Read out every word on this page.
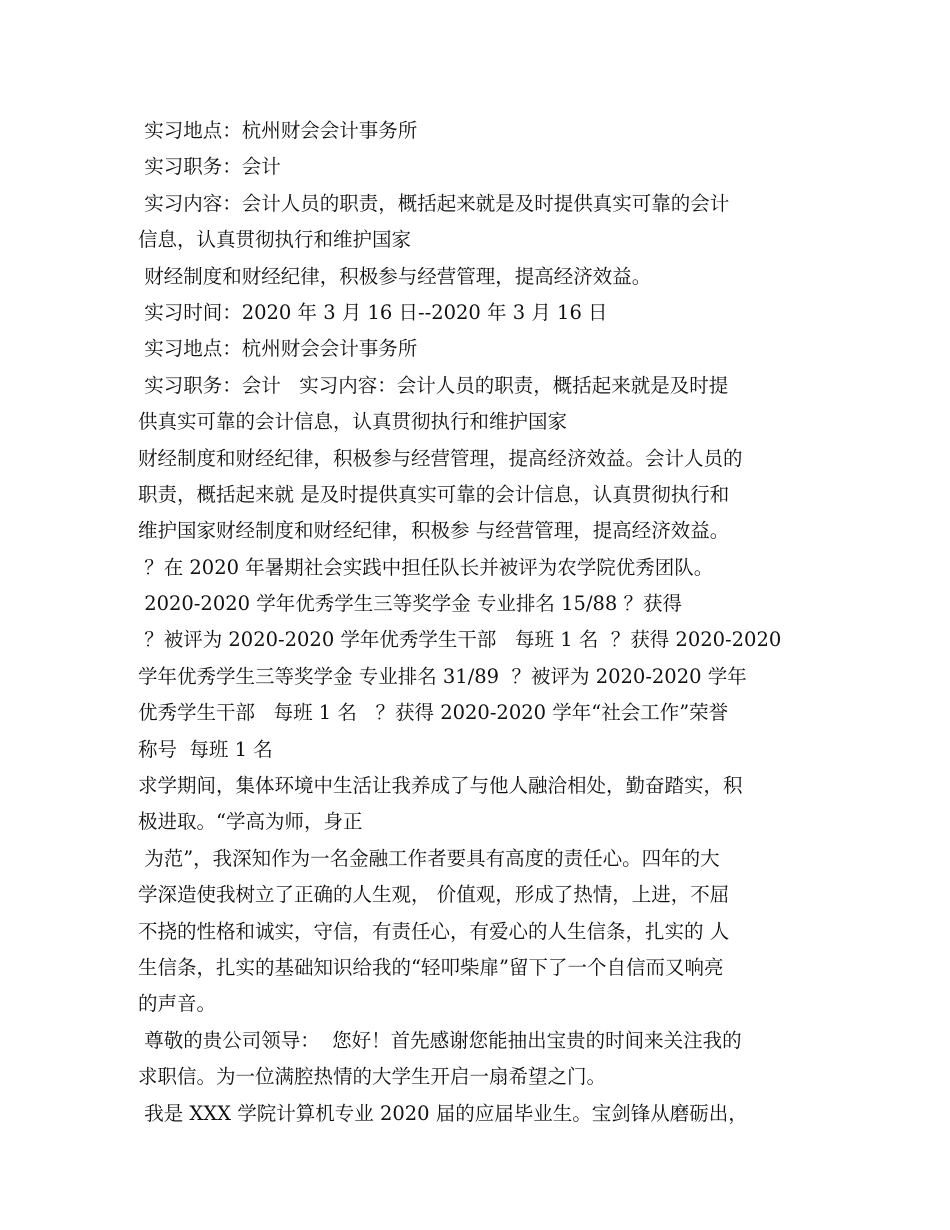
实习地点：杭州财会会计事务所
实习职务：会计
实习内容：会计人员的职责，概括起来就是及时提供真实可靠的会计
信息，认真贯彻执行和维护国家
财经制度和财经纪律，积极参与经营管理，提高经济效益。
实习时间：2020 年 3 月 16 日--2020 年 3 月 16 日
实习地点：杭州财会会计事务所
实习职务：会计   实习内容：会计人员的职责，概括起来就是及时提
供真实可靠的会计信息，认真贯彻执行和维护国家
财经制度和财经纪律，积极参与经营管理，提高经济效益。会计人员的
职责，概括起来就 是及时提供真实可靠的会计信息，认真贯彻执行和
维护国家财经制度和财经纪律，积极参 与经营管理，提高经济效益。
？在 2020 年暑期社会实践中担任队长并被评为农学院优秀团队。
2020-2020 学年优秀学生三等奖学金 专业排名 15/88 ？获得
？被评为 2020-2020 学年优秀学生干部   每班 1 名  ？获得 2020-2020
学年优秀学生三等奖学金 专业排名 31/89  ？被评为 2020-2020 学年
优秀学生干部   每班 1 名   ？获得 2020-2020 学年“社会工作”荣誉
称号  每班 1 名
求学期间，集体环境中生活让我养成了与他人融洽相处，勤奋踏实，积
极进取。“学高为师，身正
为范”，我深知作为一名金融工作者要具有高度的责任心。四年的大
学深造使我树立了正确的人生观， 价值观，形成了热情，上进，不屈
不挠的性格和诚实，守信，有责任心，有爱心的人生信条，扎实的 人
生信条，扎实的基础知识给我的“轻叩柴扉”留下了一个自信而又响亮
的声音。
尊敬的贵公司领导：  您好！首先感谢您能抽出宝贵的时间来关注我的
求职信。为一位满腔热情的大学生开启一扇希望之门。
我是 XXX 学院计算机专业 2020 届的应届毕业生。宝剑锋从磨砺出，
